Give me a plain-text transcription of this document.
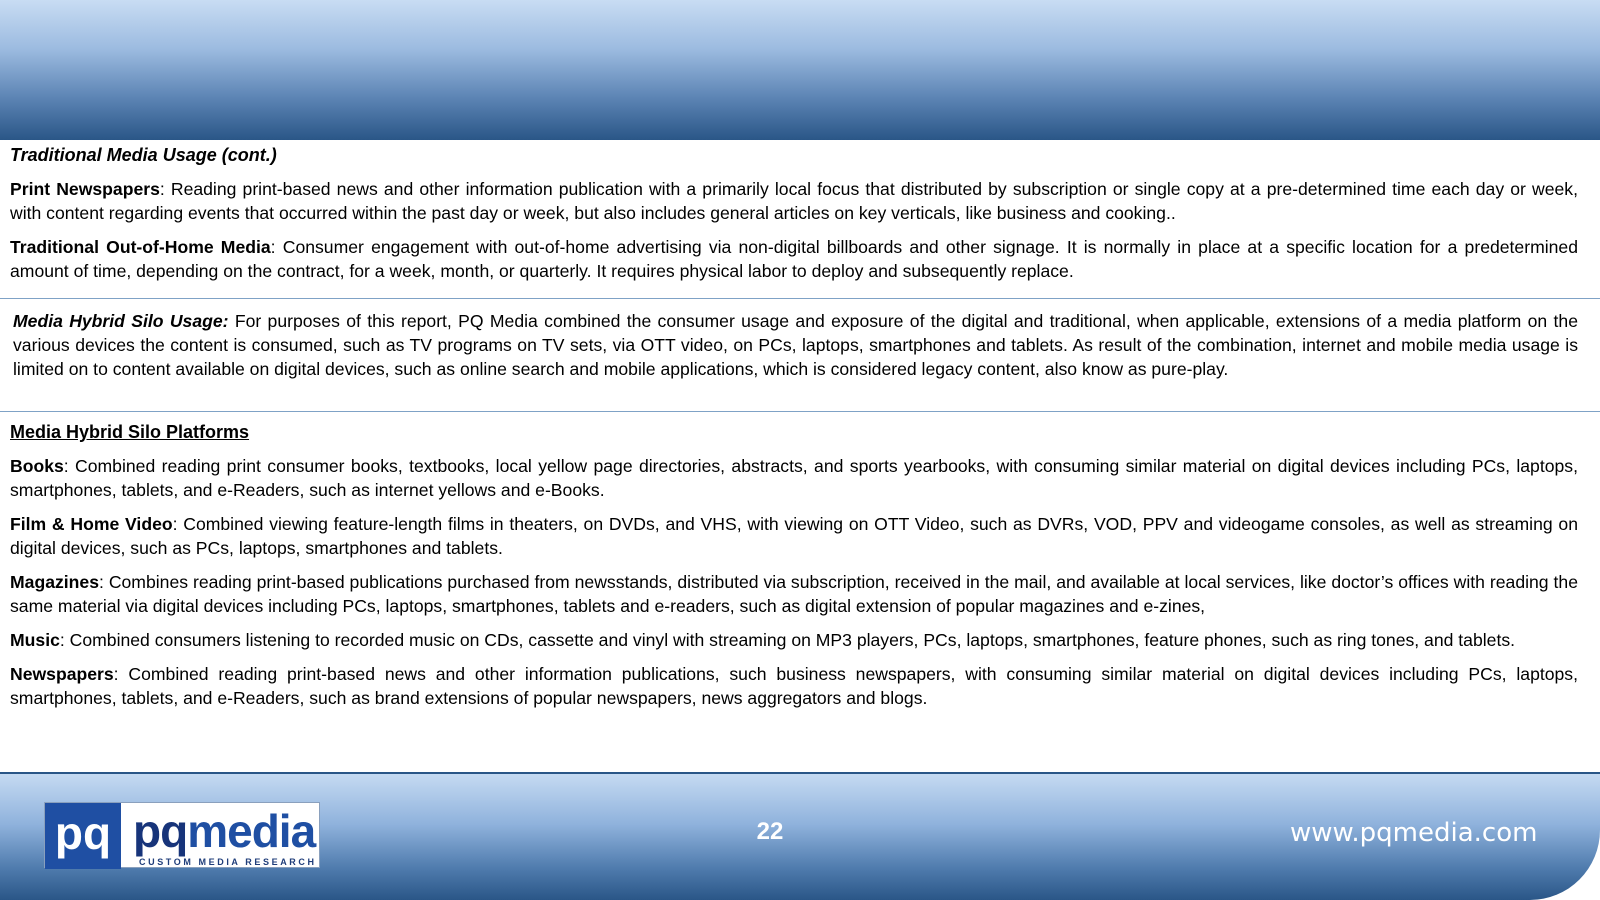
Traditional Media Usage (cont.)

Print Newspapers: Reading print-based news and other information publication with a primarily local focus that distributed by subscription or single copy at a pre-determined time each day or week, with content regarding events that occurred within the past day or week, but also includes general articles on key verticals, like business and cooking..

Traditional Out-of-Home Media: Consumer engagement with out-of-home advertising via non-digital billboards and other signage. It is normally in place at a specific location for a predetermined amount of time, depending on the contract, for a week, month, or quarterly. It requires physical labor to deploy and subsequently replace.

Media Hybrid Silo Usage: For purposes of this report, PQ Media combined the consumer usage and exposure of the digital and traditional, when applicable, extensions of a media platform on the various devices the content is consumed, such as TV programs on TV sets, via OTT video, on PCs, laptops, smartphones and tablets. As result of the combination, internet and mobile media usage is limited on to content available on digital devices, such as online search and mobile applications, which is considered legacy content, also know as pure-play.

Media Hybrid Silo Platforms

Books: Combined reading print consumer books, textbooks, local yellow page directories, abstracts, and sports yearbooks, with consuming similar material on digital devices including PCs, laptops, smartphones, tablets, and e-Readers, such as internet yellows and e-Books.

Film & Home Video: Combined viewing feature-length films in theaters, on DVDs, and VHS, with viewing on OTT Video, such as DVRs, VOD, PPV and videogame consoles, as well as streaming on digital devices, such as PCs, laptops, smartphones and tablets.

Magazines: Combines reading print-based publications purchased from newsstands, distributed via subscription, received in the mail, and available at local services, like doctor’s offices with reading the same material via digital devices including PCs, laptops, smartphones, tablets and e-readers, such as digital extension of popular magazines and e-zines,

Music: Combined consumers listening to recorded music on CDs, cassette and vinyl with streaming on MP3 players, PCs, laptops, smartphones, feature phones, such as ring tones, and tablets.

Newspapers: Combined reading print-based news and other information publications, such business newspapers, with consuming similar material on digital devices including PCs, laptops, smartphones, tablets, and e-Readers, such as brand extensions of popular newspapers, news aggregators and blogs.

pq pqmedia
CUSTOM MEDIA RESEARCH
22	www.pqmedia.com
